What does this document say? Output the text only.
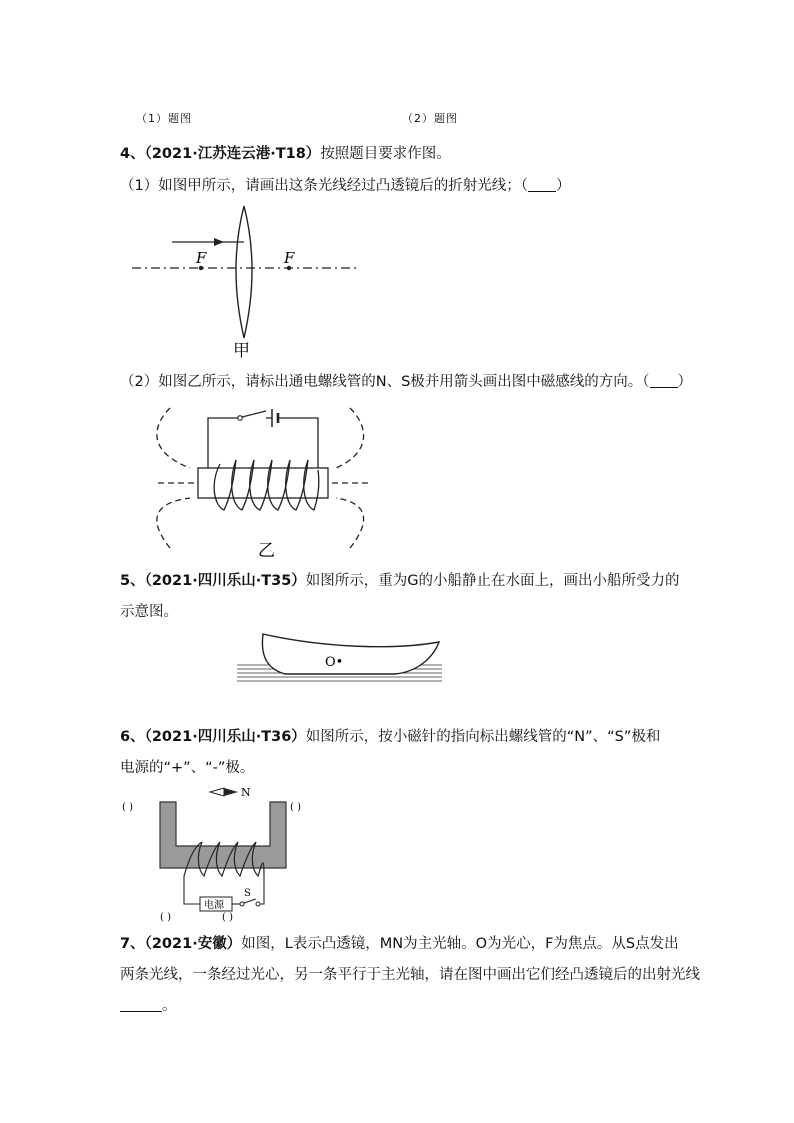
（1）题图	（2）题图
4、（2021·江苏连云港·T18）按照题目要求作图。
（1）如图甲所示，请画出这条光线经过凸透镜后的折射光线；（ ）
F	F
甲
（2）如图乙所示，请标出通电螺线管的N、S极并用箭头画出图中磁感线的方向。（ ）
乙
5、（2021·四川乐山·T35）如图所示，重为G的小船静止在水面上，画出小船所受力的
示意图。
O•
6、（2021·四川乐山·T36）如图所示，按小磁针的指向标出螺线管的“N”、“S”极和
电源的“+”、“-”极。
( )	( )
N
电源
S
( )	( )
7、（2021·安徽）如图，L表示凸透镜，MN为主光轴。O为光心，F为焦点。从S点发出
两条光线，一条经过光心，另一条平行于主光轴，请在图中画出它们经凸透镜后的出射光线
。
